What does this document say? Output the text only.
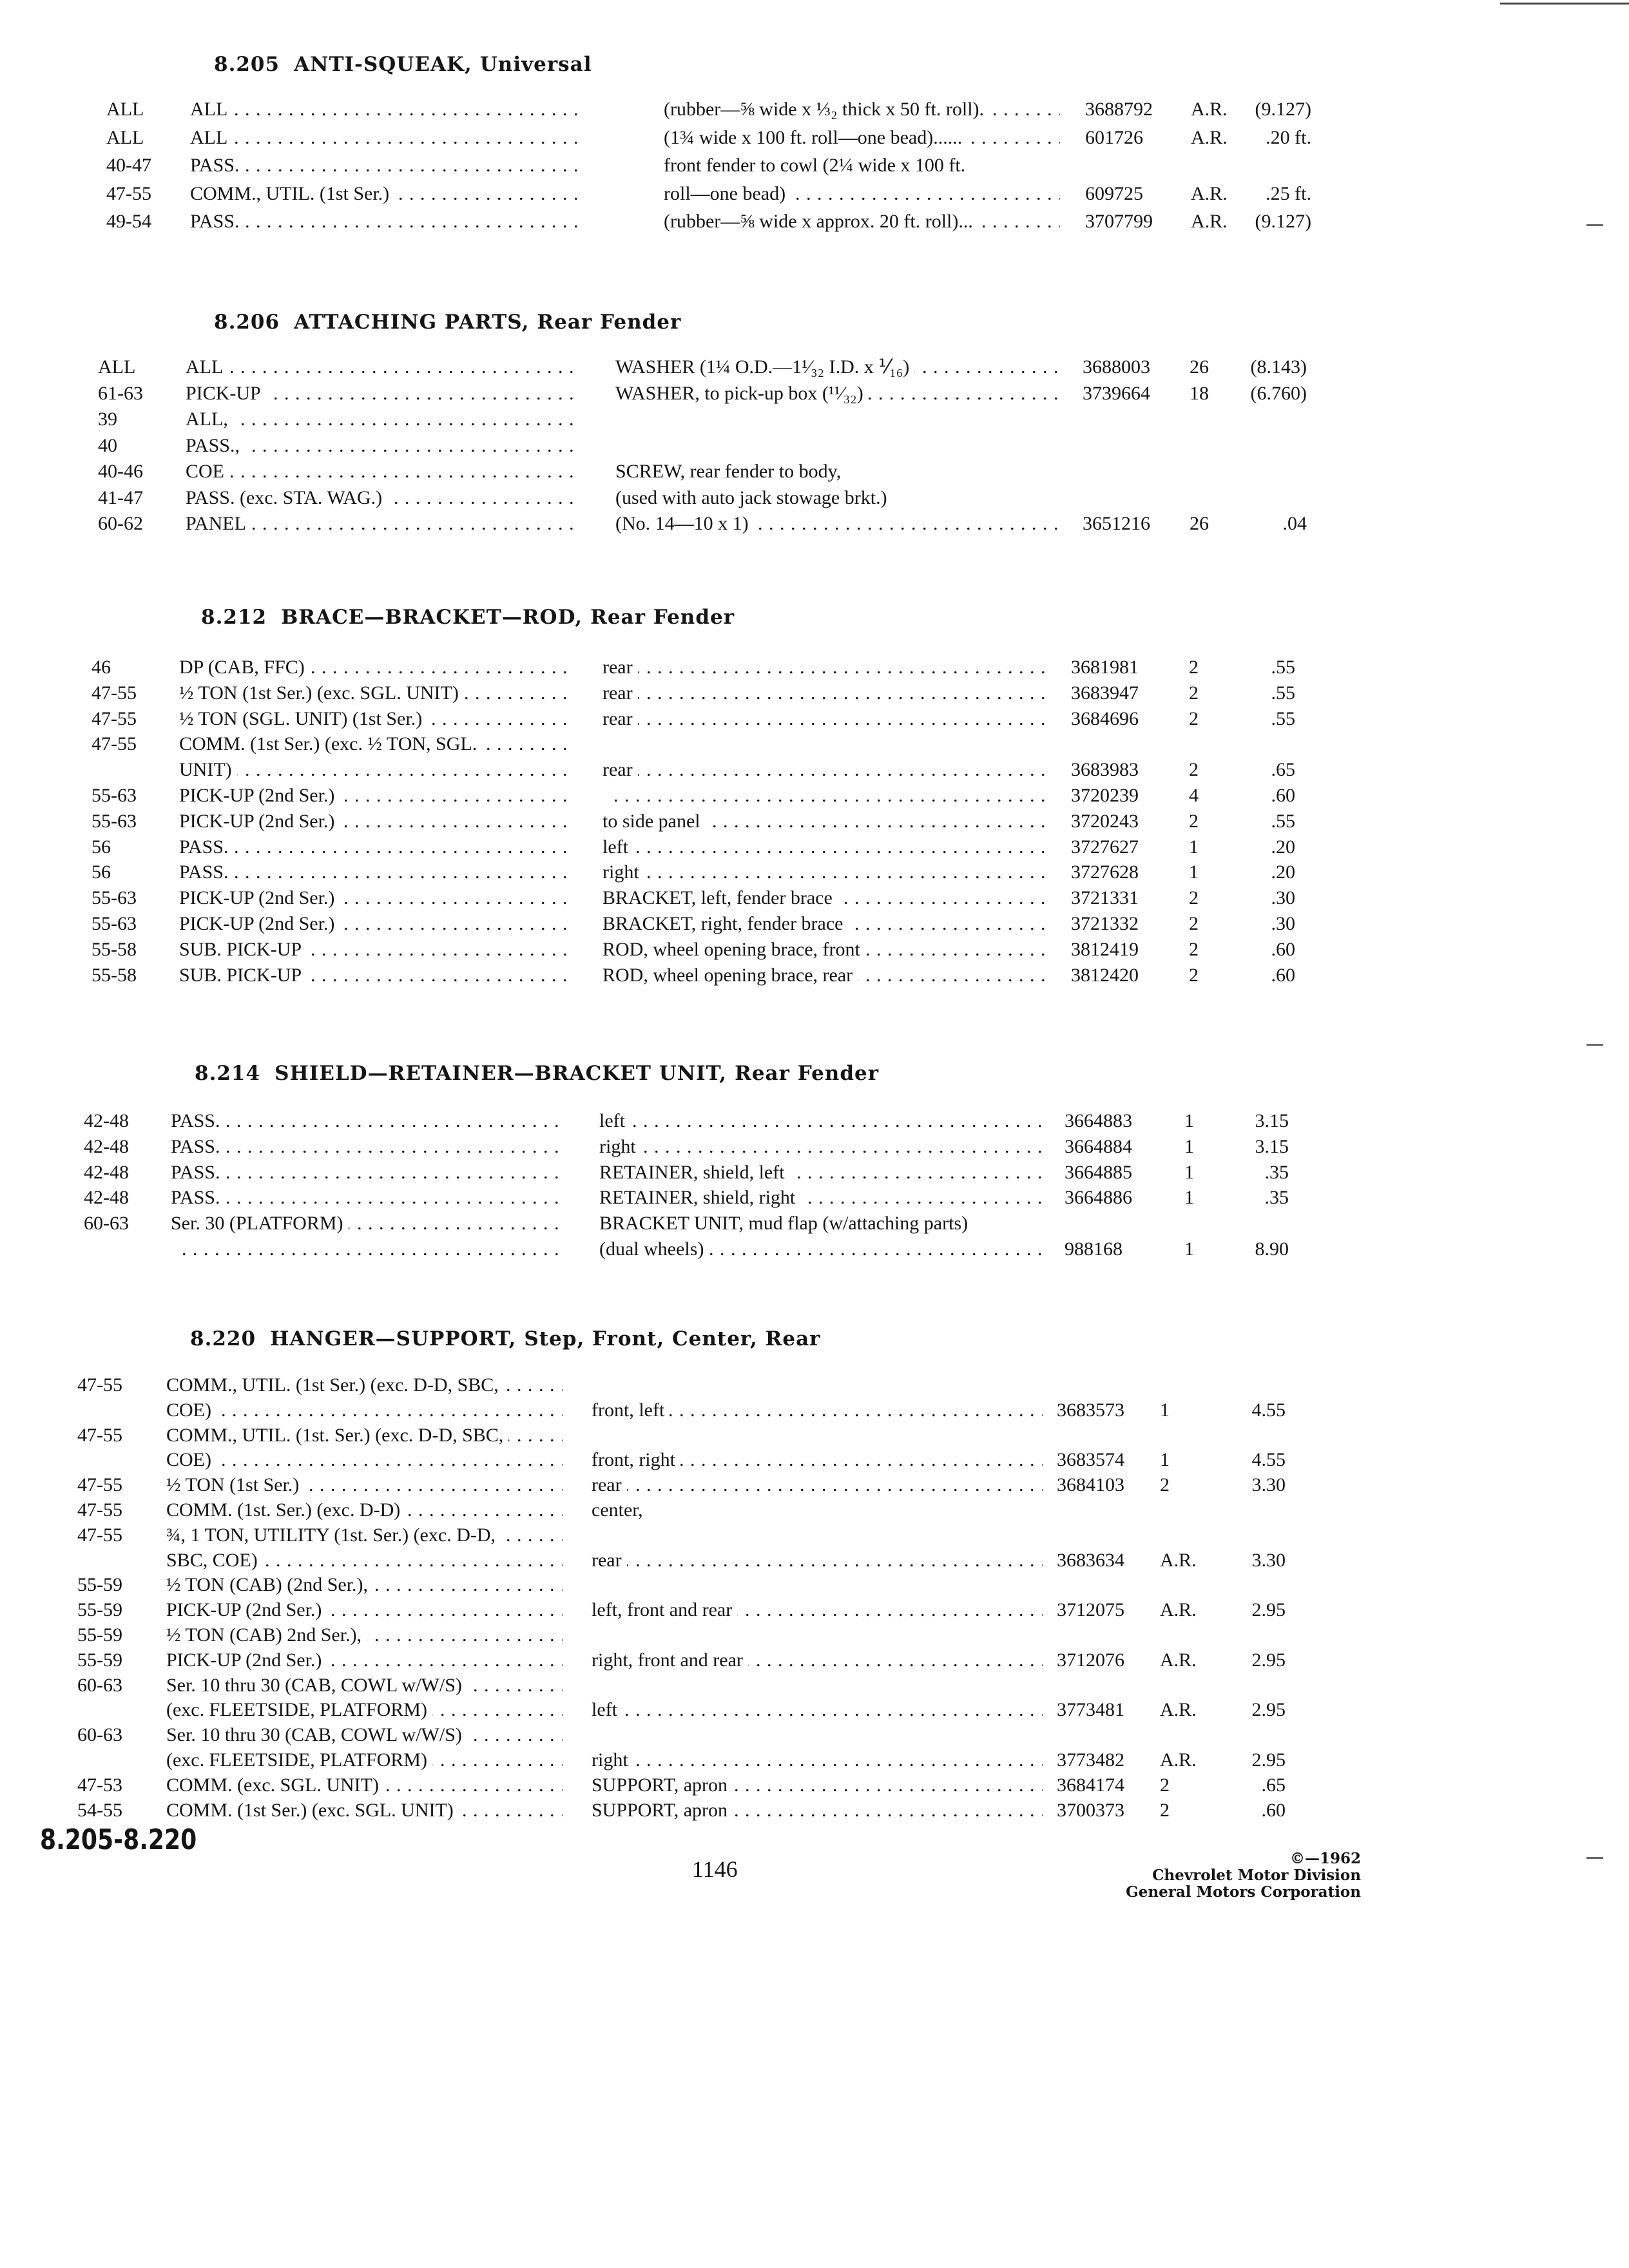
8.205 ANTI-SQUEAK, Universal
ALL ALL . . .	(rubber—⅝ wide x ⅓₂ thick x 50 ft. roll). . . .	3688792 A.R.	(9.127)
ALL ALL . . .	(1¾ wide x 100 ft. roll—one bead)...... . . .	601726 A.R.	.20 ft.
40-47 PASS. . . .	front fender to cowl (2¼ wide x 100 ft.
47-55 COMM., UTIL. (1st Ser.) . . .	roll—one bead) . . .	609725 A.R.	.25 ft.
49-54 PASS. . . .	(rubber—⅝ wide x approx. 20 ft. roll)... . . .	3707799 A.R.	(9.127)
8.206 ATTACHING PARTS, Rear Fender
ALL	ALL . . .	WASHER (1¼ O.D.—1¹⁄₃₂ I.D. x ⅟₁₆) . . .	3688003 26	(8.143)
61-63 PICK-UP . . .	WASHER, to pick-up box (¹¹⁄₃₂) . . .	3739664 18	(6.760)
39	ALL, . . .
40	PASS., . . .
40-46 COE . . .	SCREW, rear fender to body,
41-47 PASS. (exc. STA. WAG.) . . .	(used with auto jack stowage brkt.)
60-62 PANEL . . .	(No. 14—10 x 1) . . .	3651216 26	.04
8.212 BRACE—BRACKET—ROD, Rear Fender
46	DP (CAB, FFC) . . .	rear . . .	3681981	2	.55
47-55 ½ TON (1st Ser.) (exc. SGL. UNIT) . . .	rear . . .	3683947	2	.55
47-55 ½ TON (SGL. UNIT) (1st Ser.) . . .	rear . . .	3684696	2	.55
47-55 COMM. (1st Ser.) (exc. ½ TON, SGL. . . .
UNIT) . . .	rear . . .	3683983	2	.65
55-63 PICK-UP (2nd Ser.) . . .
. . .	3720239	4	.60
55-63 PICK-UP (2nd Ser.) . . .	to side panel . . .	3720243	2	.55
56	PASS. . . .	left . . .	3727627	1	.20
56	PASS. . . .	right . . .	3727628	1	.20
55-63 PICK-UP (2nd Ser.) . . .	BRACKET, left, fender brace . . .	3721331	2	.30
55-63 PICK-UP (2nd Ser.) . . .	BRACKET, right, fender brace . . .	3721332	2	.30
55-58 SUB. PICK-UP . . .	ROD, wheel opening brace, front . . .	3812419	2	.60
55-58 SUB. PICK-UP . . .	ROD, wheel opening brace, rear . . .	3812420	2	.60
8.214 SHIELD—RETAINER—BRACKET UNIT, Rear Fender
42-48 PASS. . . .	left . . .	3664883	1	3.15
42-48 PASS. . . .	right . . .	3664884	1	3.15
42-48 PASS. . . .	RETAINER, shield, left . . .	3664885	1	.35
42-48 PASS. . . .	RETAINER, shield, right . . .	3664886	1	.35
60-63 Ser. 30 (PLATFORM) . . .	BRACKET UNIT, mud flap (w/attaching parts)
. . .
(dual wheels) . . .	988168	1	8.90
8.220 HANGER—SUPPORT, Step, Front, Center, Rear
47-55 COMM., UTIL. (1st Ser.) (exc. D-D, SBC, . . .
COE) . . .	front, left . . .	3683573 1	4.55
47-55 COMM., UTIL. (1st. Ser.) (exc. D-D, SBC, . . .
COE) . . .	front, right . . .	3683574 1	4.55
47-55 ½ TON (1st Ser.) . . .	rear . . .	3684103 2	3.30
47-55 COMM. (1st. Ser.) (exc. D-D) . . .	center,
47-55 ¾, 1 TON, UTILITY (1st. Ser.) (exc. D-D, . . .
SBC, COE) . . .	rear . . .	3683634 A.R.	3.30
55-59 ½ TON (CAB) (2nd Ser.), . . .
55-59 PICK-UP (2nd Ser.) . . .	left, front and rear . . .	3712075 A.R.	2.95
55-59 ½ TON (CAB) 2nd Ser.), . . .
55-59 PICK-UP (2nd Ser.) . . .	right, front and rear . . .	3712076 A.R.	2.95
60-63 Ser. 10 thru 30 (CAB, COWL w/W/S) . . .
(exc. FLEETSIDE, PLATFORM) . . .	left . . .	3773481 A.R.	2.95
60-63 Ser. 10 thru 30 (CAB, COWL w/W/S) . . .
(exc. FLEETSIDE, PLATFORM) . . .	right . . .	3773482 A.R.	2.95
47-53 COMM. (exc. SGL. UNIT) . . .	SUPPORT, apron . . .	3684174 2	.65
54-55 COMM. (1st Ser.) (exc. SGL. UNIT) . . .	SUPPORT, apron . . .	3700373 2	.60
8.205-8.220
1146	©—1962
Chevrolet Motor Division
General Motors Corporation
